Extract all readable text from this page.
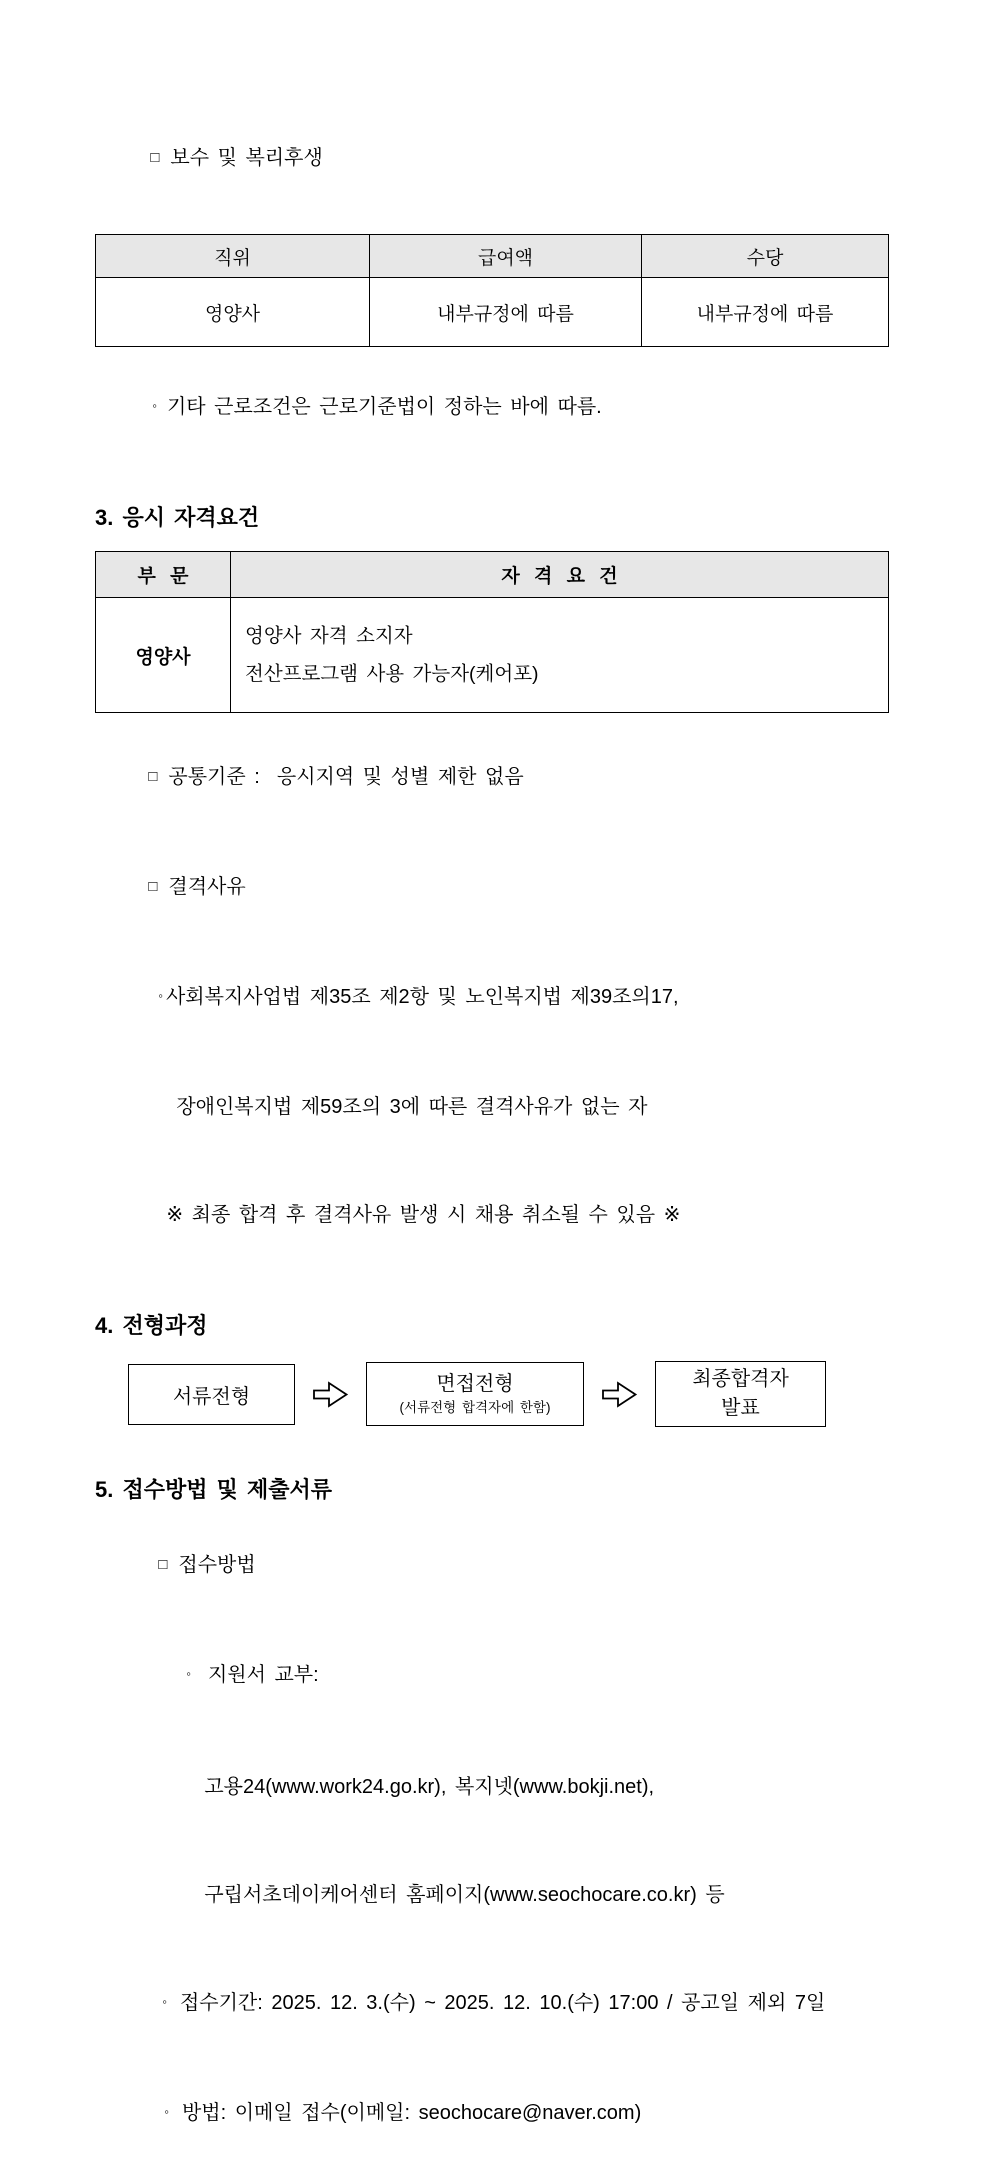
□ 보수 및 복리후생

직위	급여액	수당
영양사	내부규정에 따름	내부규정에 따름

◦ 기타 근로조건은 근로기준법이 정하는 바에 따름.

3. 응시 자격요건
부 문	자 격 요 건
영양사	영양사 자격 소지자
전산프로그램 사용 가능자(케어포)

□ 공통기준 :  응시지역 및 성별 제한 없음

□ 결격사유

◦ 사회복지사업법 제35조 제2항 및 노인복지법 제39조의17,

장애인복지법 제59조의 3에 따른 결격사유가 없는 자

※ 최종 합격 후 결격사유 발생 시 채용 취소될 수 있음 ※

4. 전형과정
서류전형
면접전형
(서류전형 합격자에 한함)
최종합격자
발표
5. 접수방법 및 제출서류

□ 접수방법

◦ 지원서 교부:

고용24(www.work24.go.kr), 복지넷(www.bokji.net),

구립서초데이케어센터 홈페이지(www.seochocare.co.kr) 등

◦ 접수기간: 2025. 12. 3.(수) ~ 2025. 12. 10.(수) 17:00 / 공고일 제외 7일

◦ 방법: 이메일 접수(이메일: seochocare@naver.com)
